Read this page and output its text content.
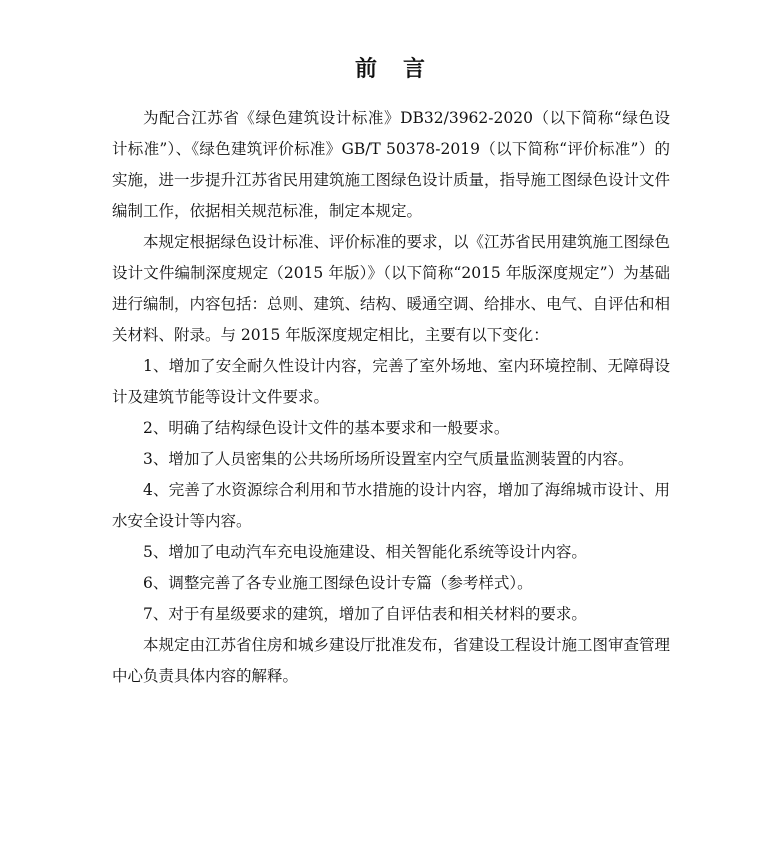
前 言

为配合江苏省《绿色建筑设计标准》DB32/3962-2020（以下简称“绿色设计标准”）、《绿色建筑评价标准》GB/T 50378-2019（以下简称“评价标准”）的实施，进一步提升江苏省民用建筑施工图绿色设计质量，指导施工图绿色设计文件编制工作，依据相关规范标准，制定本规定。

本规定根据绿色设计标准、评价标准的要求，以《江苏省民用建筑施工图绿色设计文件编制深度规定（2015 年版）》（以下简称“2015 年版深度规定”）为基础进行编制，内容包括：总则、建筑、结构、暖通空调、给排水、电气、自评估和相关材料、附录。与 2015 年版深度规定相比，主要有以下变化：

1、增加了安全耐久性设计内容，完善了室外场地、室内环境控制、无障碍设计及建筑节能等设计文件要求。

2、明确了结构绿色设计文件的基本要求和一般要求。

3、增加了人员密集的公共场所场所设置室内空气质量监测装置的内容。

4、完善了水资源综合利用和节水措施的设计内容，增加了海绵城市设计、用水安全设计等内容。

5、增加了电动汽车充电设施建设、相关智能化系统等设计内容。

6、调整完善了各专业施工图绿色设计专篇（参考样式）。

7、对于有星级要求的建筑，增加了自评估表和相关材料的要求。

本规定由江苏省住房和城乡建设厅批准发布，省建设工程设计施工图审查管理中心负责具体内容的解释。
